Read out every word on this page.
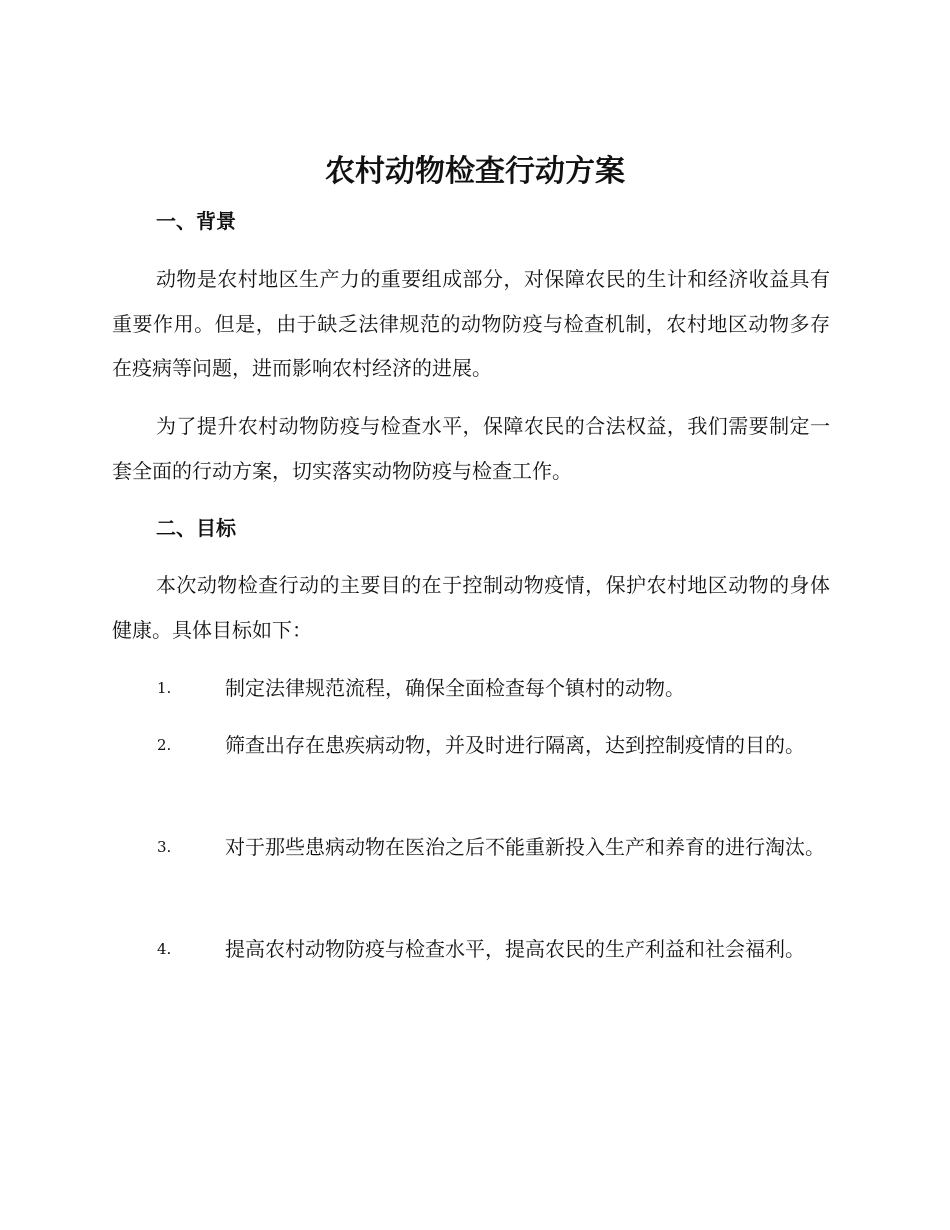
农村动物检查行动方案
一、背景

动物是农村地区生产力的重要组成部分，对保障农民的生计和经济收益具有重要作用。但是，由于缺乏法律规范的动物防疫与检查机制，农村地区动物多存在疫病等问题，进而影响农村经济的进展。

为了提升农村动物防疫与检查水平，保障农民的合法权益，我们需要制定一套全面的行动方案，切实落实动物防疫与检查工作。

二、目标

本次动物检查行动的主要目的在于控制动物疫情，保护农村地区动物的身体健康。具体目标如下：

1.	制定法律规范流程，确保全面检查每个镇村的动物。
2.	筛查出存在患疾病动物，并及时进行隔离，达到控制疫情的目的。
3.	对于那些患病动物在医治之后不能重新投入生产和养育的进行淘汰。
4.	提高农村动物防疫与检查水平，提高农民的生产利益和社会福利。
